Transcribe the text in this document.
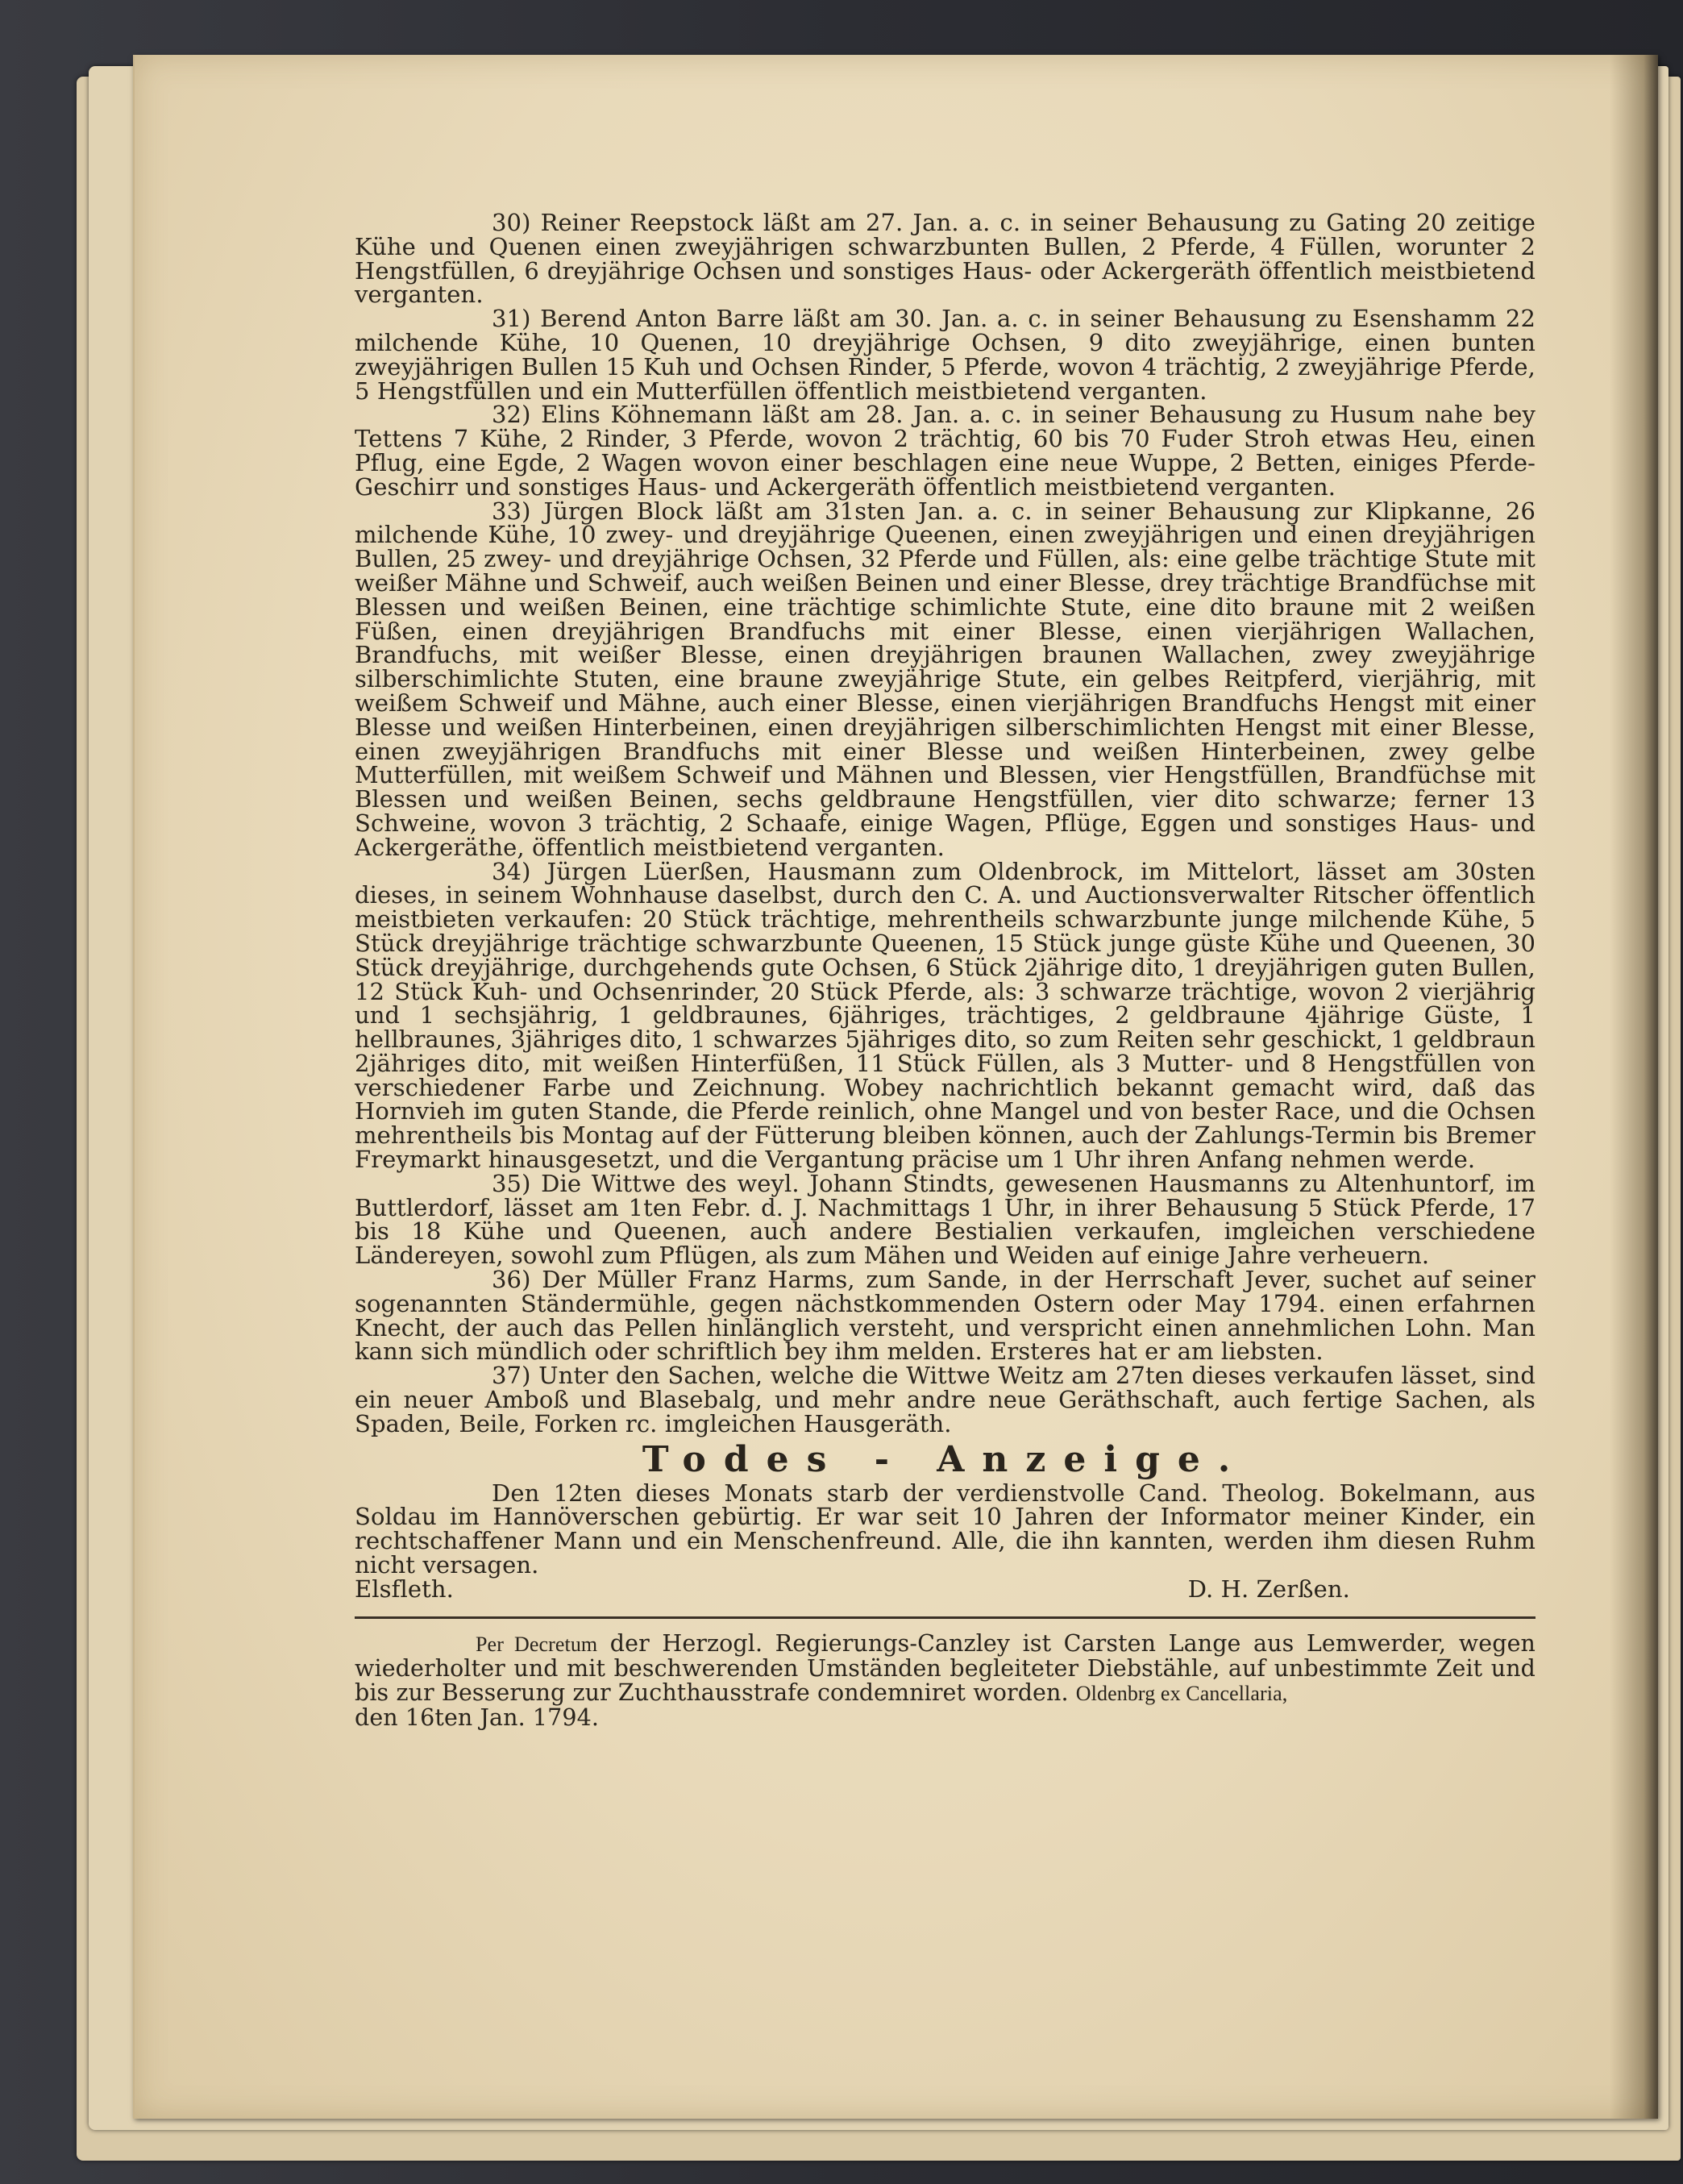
30) Reiner Reepstock läßt am 27. Jan. a. c. in seiner Behausung zu Gating 20 zeitige Kühe und Quenen einen zweyjährigen schwarzbunten Bullen, 2 Pferde, 4 Füllen, worunter 2 Hengstfüllen, 6 dreyjährige Ochsen und sonstiges Haus- oder Ackergeräth öffentlich meistbietend verganten.

31) Berend Anton Barre läßt am 30. Jan. a. c. in seiner Behausung zu Esenshamm 22 milchende Kühe, 10 Quenen, 10 dreyjährige Ochsen, 9 dito zweyjährige, einen bunten zweyjährigen Bullen 15 Kuh und Ochsen Rinder, 5 Pferde, wovon 4 trächtig, 2 zweyjährige Pferde, 5 Hengstfüllen und ein Mutterfüllen öffentlich meistbietend verganten.

32) Elins Köhnemann läßt am 28. Jan. a. c. in seiner Behausung zu Husum nahe bey Tettens 7 Kühe, 2 Rinder, 3 Pferde, wovon 2 trächtig, 60 bis 70 Fuder Stroh etwas Heu, einen Pflug, eine Egde, 2 Wagen wovon einer beschlagen eine neue Wuppe, 2 Betten, einiges Pferde-Geschirr und sonstiges Haus- und Ackergeräth öffentlich meistbietend verganten.

33) Jürgen Block läßt am 31sten Jan. a. c. in seiner Behausung zur Klipkanne, 26 milchende Kühe, 10 zwey- und dreyjährige Queenen, einen zweyjährigen und einen dreyjährigen Bullen, 25 zwey- und dreyjährige Ochsen, 32 Pferde und Füllen, als: eine gelbe trächtige Stute mit weißer Mähne und Schweif, auch weißen Beinen und einer Blesse, drey trächtige Brandfüchse mit Blessen und weißen Beinen, eine trächtige schimlichte Stute, eine dito braune mit 2 weißen Füßen, einen dreyjährigen Brandfuchs mit einer Blesse, einen vierjährigen Wallachen, Brandfuchs, mit weißer Blesse, einen dreyjährigen braunen Wallachen, zwey zweyjährige silberschimlichte Stuten, eine braune zweyjährige Stute, ein gelbes Reitpferd, vierjährig, mit weißem Schweif und Mähne, auch einer Blesse, einen vierjährigen Brandfuchs Hengst mit einer Blesse und weißen Hinterbeinen, einen dreyjährigen silberschimlichten Hengst mit einer Blesse, einen zweyjährigen Brandfuchs mit einer Blesse und weißen Hinterbeinen, zwey gelbe Mutterfüllen, mit weißem Schweif und Mähnen und Blessen, vier Hengstfüllen, Brandfüchse mit Blessen und weißen Beinen, sechs geldbraune Hengstfüllen, vier dito schwarze; ferner 13 Schweine, wovon 3 trächtig, 2 Schaafe, einige Wagen, Pflüge, Eggen und sonstiges Haus- und Ackergeräthe, öffentlich meistbietend verganten.

34) Jürgen Lüerßen, Hausmann zum Oldenbrock, im Mittelort, lässet am 30sten dieses, in seinem Wohnhause daselbst, durch den C. A. und Auctionsverwalter Ritscher öffentlich meistbieten verkaufen: 20 Stück trächtige, mehrentheils schwarzbunte junge milchende Kühe, 5 Stück dreyjährige trächtige schwarzbunte Queenen, 15 Stück junge güste Kühe und Queenen, 30 Stück dreyjährige, durchgehends gute Ochsen, 6 Stück 2jährige dito, 1 dreyjährigen guten Bullen, 12 Stück Kuh- und Ochsenrinder, 20 Stück Pferde, als: 3 schwarze trächtige, wovon 2 vierjährig und 1 sechsjährig, 1 geldbraunes, 6jähriges, trächtiges, 2 geldbraune 4jährige Güste, 1 hellbraunes, 3jähriges dito, 1 schwarzes 5jähriges dito, so zum Reiten sehr geschickt, 1 geldbraun 2jähriges dito, mit weißen Hinterfüßen, 11 Stück Füllen, als 3 Mutter- und 8 Hengstfüllen von verschiedener Farbe und Zeichnung. Wobey nachrichtlich bekannt gemacht wird, daß das Hornvieh im guten Stande, die Pferde reinlich, ohne Mangel und von bester Race, und die Ochsen mehrentheils bis Montag auf der Fütterung bleiben können, auch der Zahlungs-Termin bis Bremer Freymarkt hinausgesetzt, und die Vergantung präcise um 1 Uhr ihren Anfang nehmen werde.

35) Die Wittwe des weyl. Johann Stindts, gewesenen Hausmanns zu Altenhuntorf, im Buttlerdorf, lässet am 1ten Febr. d. J. Nachmittags 1 Uhr, in ihrer Behausung 5 Stück Pferde, 17 bis 18 Kühe und Queenen, auch andere Bestialien verkaufen, imgleichen verschiedene Ländereyen, sowohl zum Pflügen, als zum Mähen und Weiden auf einige Jahre verheuern.

36) Der Müller Franz Harms, zum Sande, in der Herrschaft Jever, suchet auf seiner sogenannten Ständermühle, gegen nächstkommenden Ostern oder May 1794. einen erfahrnen Knecht, der auch das Pellen hinlänglich versteht, und verspricht einen annehmlichen Lohn. Man kann sich mündlich oder schriftlich bey ihm melden. Ersteres hat er am liebsten.

37) Unter den Sachen, welche die Wittwe Weitz am 27ten dieses verkaufen lässet, sind ein neuer Amboß und Blasebalg, und mehr andre neue Geräthschaft, auch fertige Sachen, als Spaden, Beile, Forken rc. imgleichen Hausgeräth.

Todes - Anzeige.

Den 12ten dieses Monats starb der verdienstvolle Cand. Theolog. Bokelmann, aus Soldau im Hannöverschen gebürtig. Er war seit 10 Jahren der Informator meiner Kinder, ein rechtschaffener Mann und ein Menschenfreund. Alle, die ihn kannten, werden ihm diesen Ruhm nicht versagen.

Elsfleth.	D. H. Zerßen.

Per Decretum der Herzogl. Regierungs-Canzley ist Carsten Lange aus Lemwerder, wegen wiederholter und mit beschwerenden Umständen begleiteter Diebstähle, auf unbestimmte Zeit und bis zur Besserung zur Zuchthausstrafe condemniret worden. Oldenbrg ex Cancellaria,

den 16ten Jan. 1794.
